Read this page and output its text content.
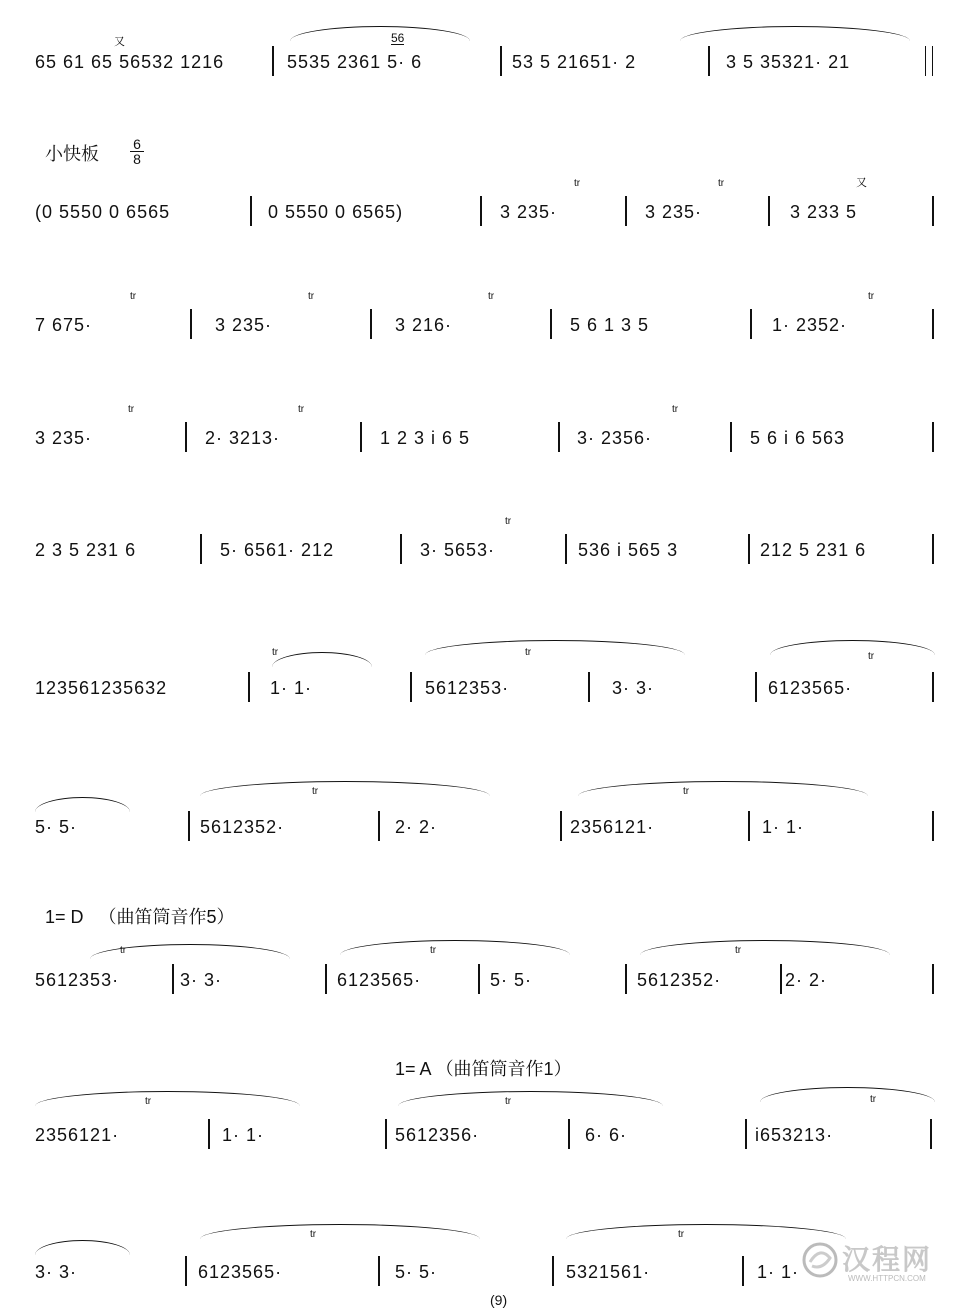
又	56
65 61 65 56532 1216	5535 2361 5· 6	53 5 21651· 2	3 5 35321· 21
小快板 6
8
tr	tr	又
(0 5550 0 6565	0 5550 0 6565)	3 235·	3 235·	3 233 5
tr	tr	tr	tr
7 675·	3 235·	3 216·	5 6 1 3 5	1· 2352·
tr	tr	tr
3 235·	2· 3213·	1 2 3 i 6 5	3· 2356·	5 6 i 6 563
tr
2 3 5 231 6	5· 6561· 212	3· 5653·	536 i 565 3	212 5 231 6
tr	tr	tr
123561235632	1· 1·	5612353·	3· 3·	6123565·
tr	tr
5· 5·	5612352·	2· 2·	2356121·	1· 1·
1= D （曲笛筒音作5）
tr	tr	tr
5612353·	3· 3·	6123565·	5· 5·	5612352·	2· 2·
1= A （曲笛筒音作1）
tr	tr	tr
2356121·	1· 1·	5612356·	6· 6·	i653213·
tr	tr
3· 3·	6123565·	5· 5·	5321561·	1· 1· 汉程网
WWW.HTTPCN.COM
(9)
